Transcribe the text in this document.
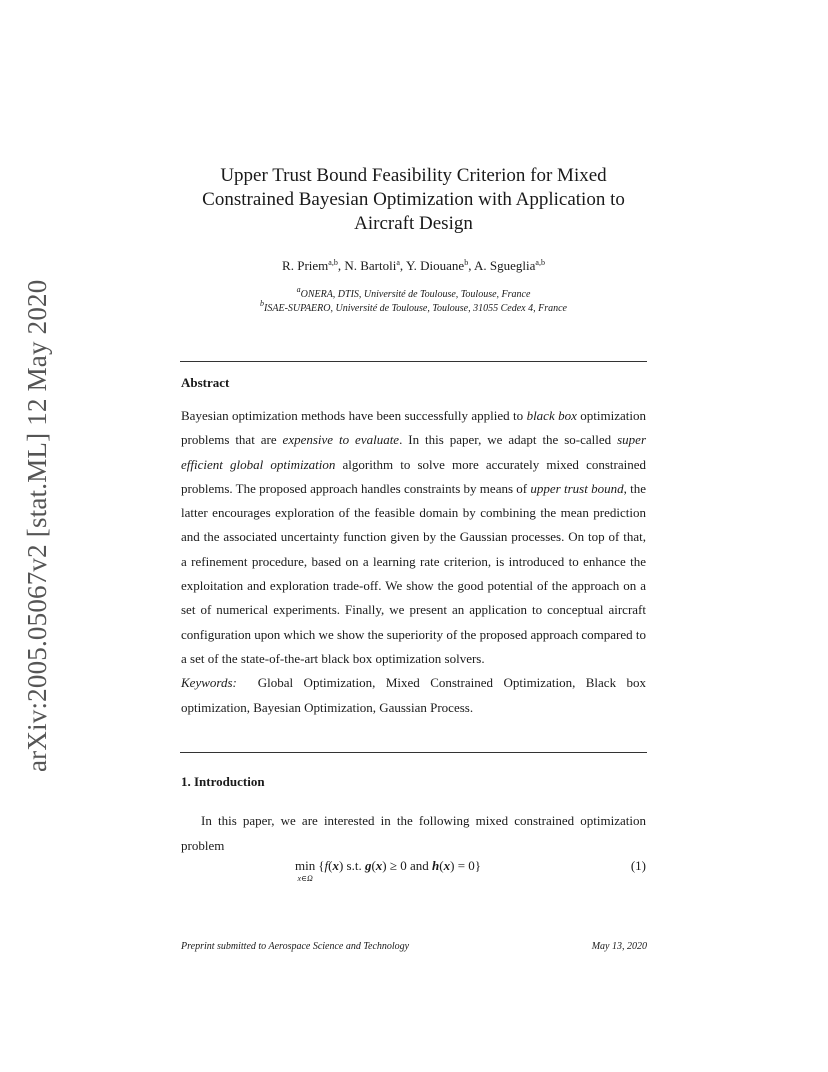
arXiv:2005.05067v2 [stat.ML] 12 May 2020
Upper Trust Bound Feasibility Criterion for Mixed
Constrained Bayesian Optimization with Application to
Aircraft Design
R. Priem$^{a,b}$, N. Bartoli$^a$, Y. Diouane$^b$, A. Sgueglia$^{a,b}$
$^a$ONERA, DTIS, Université de Toulouse, Toulouse, France
$^b$ISAE-SUPAERO, Université de Toulouse, Toulouse, 31055 Cedex 4, France
Abstract
Bayesian optimization methods have been successfully applied to black box optimization problems that are expensive to evaluate. In this paper, we adapt the so-called super efficient global optimization algorithm to solve more accurately mixed constrained problems. The proposed approach handles constraints by means of upper trust bound, the latter encourages exploration of the feasible domain by combining the mean prediction and the associated uncertainty function given by the Gaussian processes. On top of that, a refinement procedure, based on a learning rate criterion, is introduced to enhance the exploitation and exploration trade-off. We show the good potential of the approach on a set of numerical experiments. Finally, we present an application to conceptual aircraft configuration upon which we show the superiority of the proposed approach compared to a set of the state-of-the-art black box optimization solvers.
Keywords: Global Optimization, Mixed Constrained Optimization, Black box optimization, Bayesian Optimization, Gaussian Process.
1. Introduction
In this paper, we are interested in the following mixed constrained optimization problem
min
x∈Ω
{f(x) s.t. g(x) ≥ 0 and h(x) = 0}	(1)
Preprint submitted to Aerospace Science and Technology	May 13, 2020
